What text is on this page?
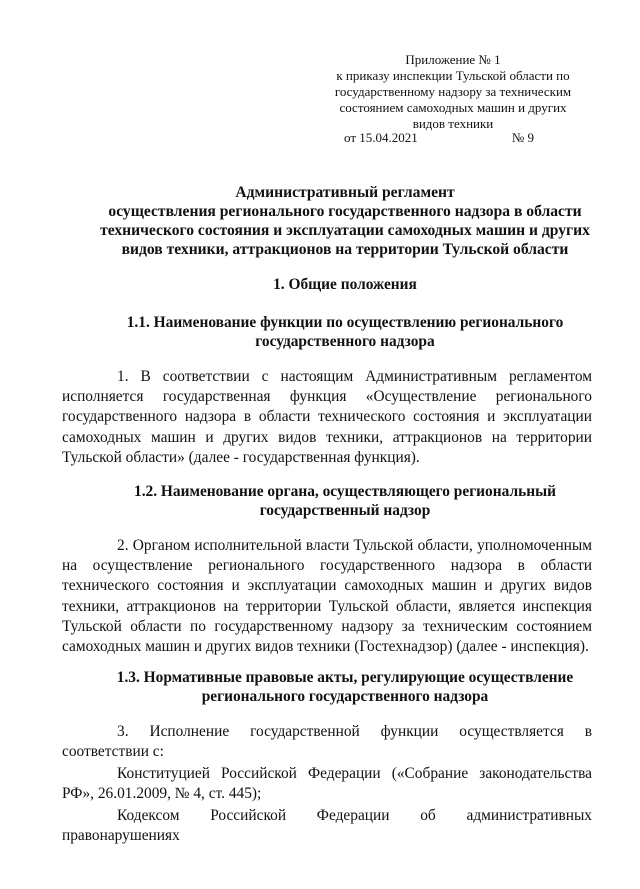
Приложение № 1
к приказу инспекции Тульской области по
государственному надзору за техническим
состоянием самоходных машин и других
видов техники
от 15.04.2021	№ 9
Административный регламент
осуществления регионального государственного надзора в области
технического состояния и эксплуатации самоходных машин и других
видов техники, аттракционов на территории Тульской области
1. Общие положения
1.1. Наименование функции по осуществлению регионального
государственного надзора

1. В соответствии с настоящим Административным регламентом исполняется государственная функция «Осуществление регионального государственного надзора в области технического состояния и эксплуатации самоходных машин и других видов техники, аттракционов на территории Тульской области» (далее - государственная функция).

1.2. Наименование органа, осуществляющего региональный
государственный надзор

2. Органом исполнительной власти Тульской области, уполномоченным на осуществление регионального государственного надзора в области технического состояния и эксплуатации самоходных машин и других видов техники, аттракционов на территории Тульской области, является инспекция Тульской области по государственному надзору за техническим состоянием самоходных машин и других видов техники (Гостехнадзор) (далее - инспекция).

1.3. Нормативные правовые акты, регулирующие осуществление
регионального государственного надзора

3. Исполнение государственной функции осуществляется в соответствии с:

Конституцией Российской Федерации («Собрание законодательства РФ», 26.01.2009, № 4, ст. 445);

Кодексом Российской Федерации об административных правонарушениях
